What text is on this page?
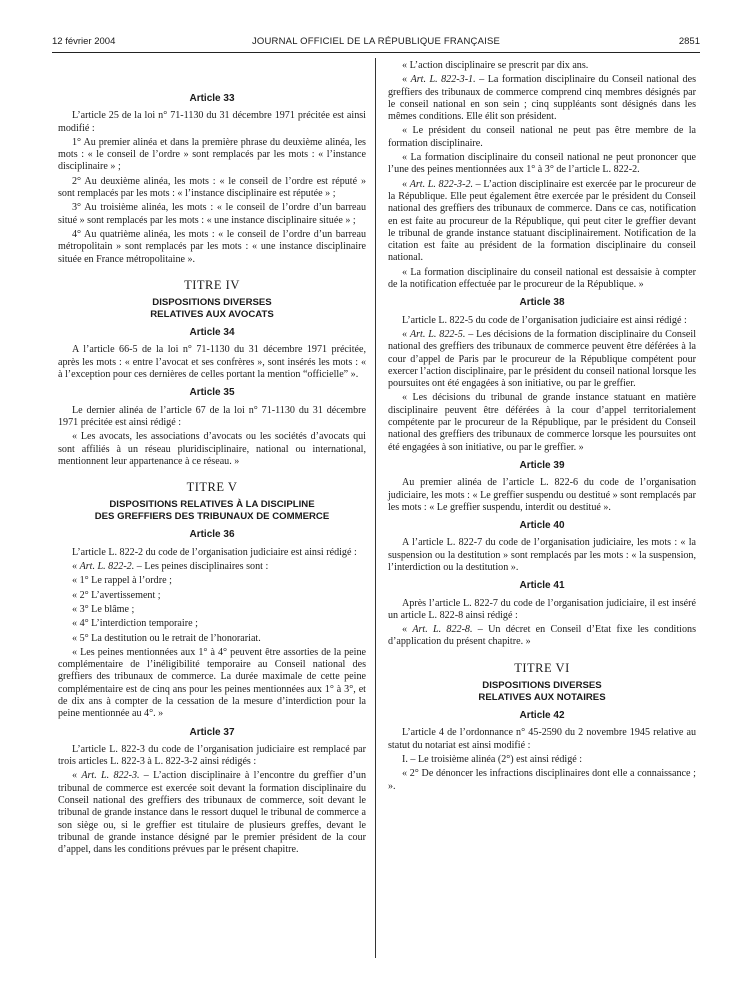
12 février 2004	JOURNAL OFFICIEL DE LA RÉPUBLIQUE FRANÇAISE	2851
Article 33

L’article 25 de la loi n° 71-1130 du 31 décembre 1971 précitée est ainsi modifié :

1° Au premier alinéa et dans la première phrase du deuxième alinéa, les mots : « le conseil de l’ordre » sont remplacés par les mots : « l’instance disciplinaire » ;

2° Au deuxième alinéa, les mots : « le conseil de l’ordre est réputé » sont remplacés par les mots : « l’instance disciplinaire est réputée » ;

3° Au troisième alinéa, les mots : « le conseil de l’ordre d’un barreau situé » sont remplacés par les mots : « une instance disciplinaire située » ;

4° Au quatrième alinéa, les mots : « le conseil de l’ordre d’un barreau métropolitain » sont remplacés par les mots : « une instance disciplinaire située en France métropolitaine ».

TITRE IV
DISPOSITIONS DIVERSES
RELATIVES AUX AVOCATS
Article 34

A l’article 66-5 de la loi n° 71-1130 du 31 décembre 1971 précitée, après les mots : « entre l’avocat et ses confrères », sont insérés les mots : « à l’exception pour ces dernières de celles portant la mention “officielle” ».

Article 35

Le dernier alinéa de l’article 67 de la loi n° 71-1130 du 31 décembre 1971 précitée est ainsi rédigé :

« Les avocats, les associations d’avocats ou les sociétés d’avocats qui sont affiliés à un réseau pluridisciplinaire, national ou international, mentionnent leur appartenance à ce réseau. »

TITRE V
DISPOSITIONS RELATIVES À LA DISCIPLINE
DES GREFFIERS DES TRIBUNAUX DE COMMERCE
Article 36

L’article L. 822-2 du code de l’organisation judiciaire est ainsi rédigé :

« Art. L. 822-2. – Les peines disciplinaires sont :

« 1° Le rappel à l’ordre ;

« 2° L’avertissement ;

« 3° Le blâme ;

« 4° L’interdiction temporaire ;

« 5° La destitution ou le retrait de l’honorariat.

« Les peines mentionnées aux 1° à 4° peuvent être assorties de la peine complémentaire de l’inéligibilité temporaire au Conseil national des greffiers des tribunaux de commerce. La durée maximale de cette peine complémentaire est de cinq ans pour les peines mentionnées aux 1° à 3°, et de dix ans à compter de la cessation de la mesure d’interdiction pour la peine mentionnée au 4°. »

Article 37

L’article L. 822-3 du code de l’organisation judiciaire est remplacé par trois articles L. 822-3 à L. 822-3-2 ainsi rédigés :

« Art. L. 822-3. – L’action disciplinaire à l’encontre du greffier d’un tribunal de commerce est exercée soit devant la formation disciplinaire du Conseil national des greffiers des tribunaux de commerce, soit devant le tribunal de grande instance dans le ressort duquel le tribunal de commerce a son siège ou, si le greffier est titulaire de plusieurs greffes, devant le tribunal de grande instance désigné par le premier président de la cour d’appel, dans les conditions prévues par le présent chapitre.

« L’action disciplinaire se prescrit par dix ans.

« Art. L. 822-3-1. – La formation disciplinaire du Conseil national des greffiers des tribunaux de commerce comprend cinq membres désignés par le conseil national en son sein ; cinq suppléants sont désignés dans les mêmes conditions. Elle élit son président.

« Le président du conseil national ne peut pas être membre de la formation disciplinaire.

« La formation disciplinaire du conseil national ne peut prononcer que l’une des peines mentionnées aux 1° à 3° de l’article L. 822-2.

« Art. L. 822-3-2. – L’action disciplinaire est exercée par le procureur de la République. Elle peut également être exercée par le président du Conseil national des greffiers des tribunaux de commerce. Dans ce cas, notification en est faite au procureur de la République, qui peut citer le greffier devant le tribunal de grande instance statuant disciplinairement. Notification de la citation est faite au président de la formation disciplinaire du conseil national.

« La formation disciplinaire du conseil national est dessaisie à compter de la notification effectuée par le procureur de la République. »

Article 38

L’article L. 822-5 du code de l’organisation judiciaire est ainsi rédigé :

« Art. L. 822-5. – Les décisions de la formation disciplinaire du Conseil national des greffiers des tribunaux de commerce peuvent être déférées à la cour d’appel de Paris par le procureur de la République compétent pour exercer l’action disciplinaire, par le président du conseil national lorsque les poursuites ont été engagées à son initiative, ou par le greffier.

« Les décisions du tribunal de grande instance statuant en matière disciplinaire peuvent être déférées à la cour d’appel territorialement compétente par le procureur de la République, par le président du Conseil national des greffiers des tribunaux de commerce lorsque les poursuites ont été engagées à son initiative, ou par le greffier. »

Article 39

Au premier alinéa de l’article L. 822-6 du code de l’organisation judiciaire, les mots : « Le greffier suspendu ou destitué » sont remplacés par les mots : « Le greffier suspendu, interdit ou destitué ».

Article 40

A l’article L. 822-7 du code de l’organisation judiciaire, les mots : « la suspension ou la destitution » sont remplacés par les mots : « la suspension, l’interdiction ou la destitution ».

Article 41

Après l’article L. 822-7 du code de l’organisation judiciaire, il est inséré un article L. 822-8 ainsi rédigé :

« Art. L. 822-8. – Un décret en Conseil d’Etat fixe les conditions d’application du présent chapitre. »

TITRE VI
DISPOSITIONS DIVERSES
RELATIVES AUX NOTAIRES
Article 42

L’article 4 de l’ordonnance n° 45-2590 du 2 novembre 1945 relative au statut du notariat est ainsi modifié :

I. – Le troisième alinéa (2°) est ainsi rédigé :

« 2° De dénoncer les infractions disciplinaires dont elle a connaissance ; ».
